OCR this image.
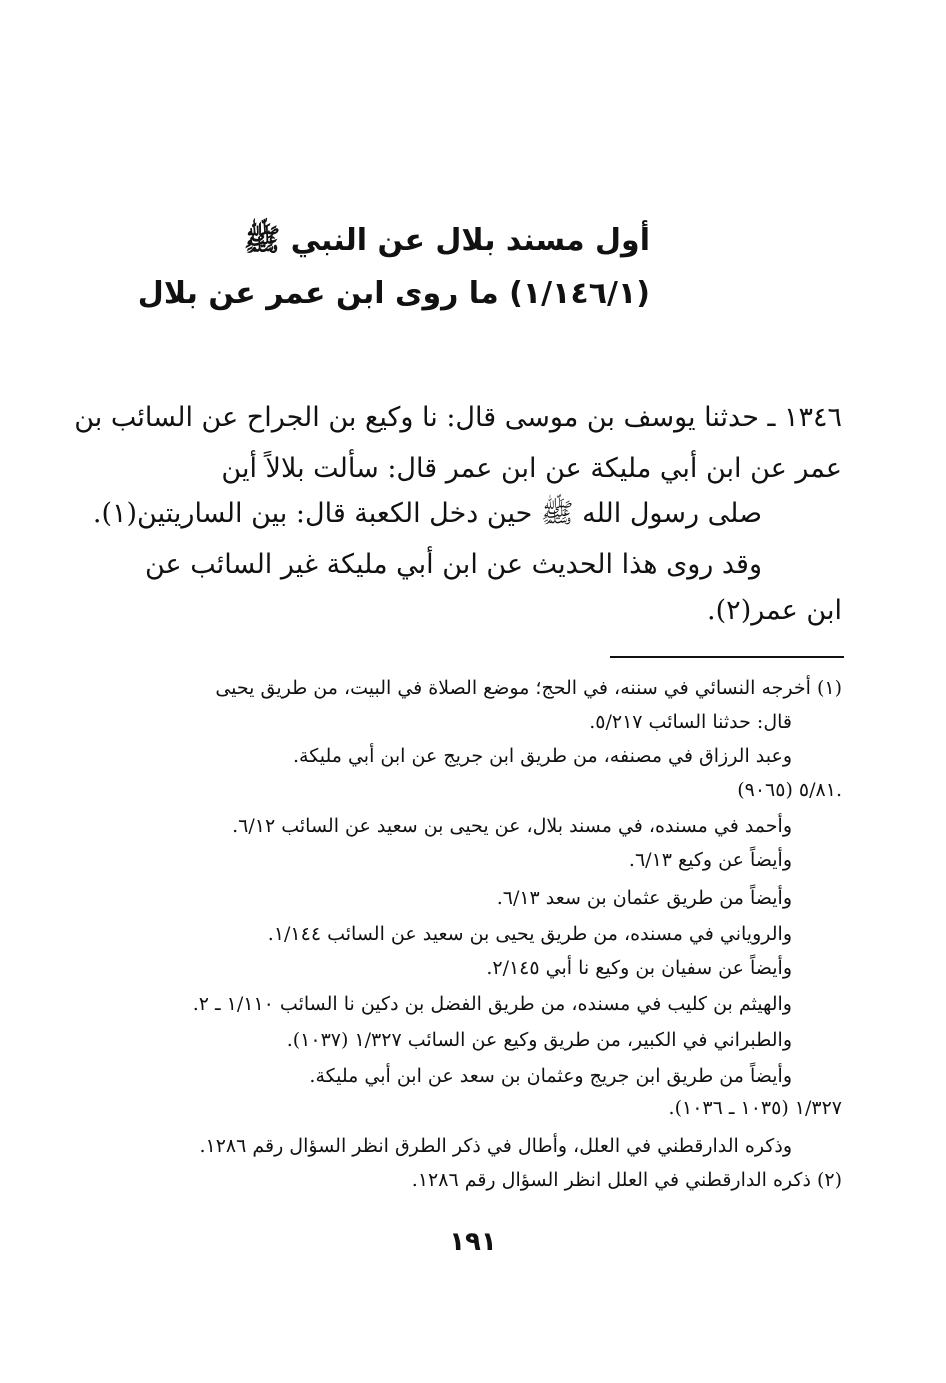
أول مسند بلال عن النبي ﷺ
(١/١٤٦/١) ما روى ابن عمر عن بلال

١٣٤٦ ـ حدثنا يوسف بن موسى قال: نا وكيع بن الجراح عن السائب بن

عمر عن ابن أبي مليكة عن ابن عمر قال: سألت بلالاً أين

صلى رسول الله ﷺ حين دخل الكعبة قال: بين الساريتين(١).

وقد روى هذا الحديث عن ابن أبي مليكة غير السائب عن

ابن عمر(٢).

(١) أخرجه النسائي في سننه، في الحج؛ موضع الصلاة في البيت، من طريق يحيى

قال: حدثنا السائب ٥/٢١٧.

وعبد الرزاق في مصنفه، من طريق ابن جريج عن ابن أبي مليكة.

٥/٨١ (٩٠٦٥).

وأحمد في مسنده، في مسند بلال، عن يحيى بن سعيد عن السائب ٦/١٢.

وأيضاً عن وكيع ٦/١٣.

وأيضاً من طريق عثمان بن سعد ٦/١٣.

والروياني في مسنده، من طريق يحيى بن سعيد عن السائب ١/١٤٤.

وأيضاً عن سفيان بن وكيع نا أبي ٢/١٤٥.

والهيثم بن كليب في مسنده، من طريق الفضل بن دكين نا السائب ١/١١٠ ـ ٢.

والطبراني في الكبير، من طريق وكيع عن السائب ١/٣٢٧ (١٠٣٧).

وأيضاً من طريق ابن جريج وعثمان بن سعد عن ابن أبي مليكة.

١/٣٢٧ (١٠٣٥ ـ ١٠٣٦).

وذكره الدارقطني في العلل، وأطال في ذكر الطرق انظر السؤال رقم ١٢٨٦.

(٢) ذكره الدارقطني في العلل انظر السؤال رقم ١٢٨٦.

١٩١
